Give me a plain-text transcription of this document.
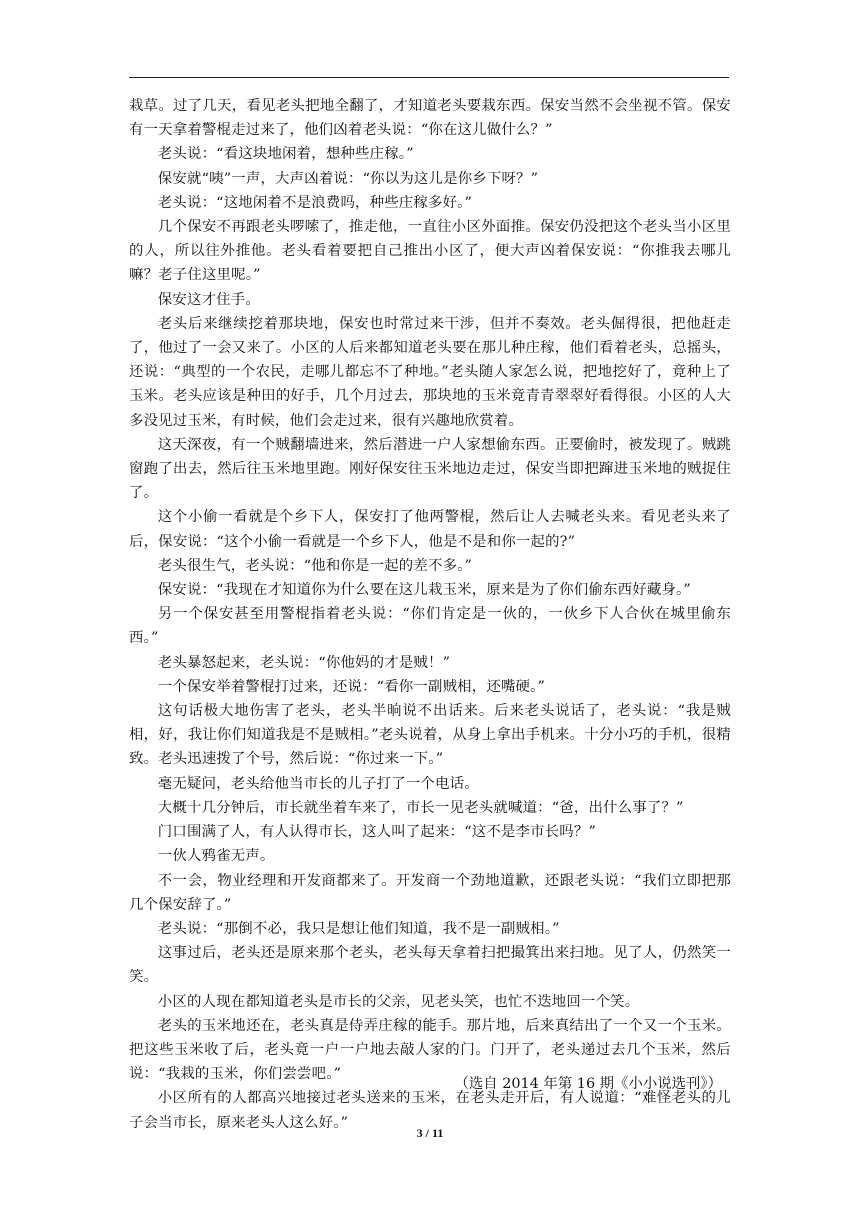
栽草。过了几天，看见老头把地全翻了，才知道老头要栽东西。保安当然不会坐视不管。保安有一天拿着警棍走过来了，他们凶着老头说：“你在这儿做什么？”

老头说：“看这块地闲着，想种些庄稼。”

保安就“咦”一声，大声凶着说：“你以为这儿是你乡下呀？”

老头说：“这地闲着不是浪费吗，种些庄稼多好。”

几个保安不再跟老头啰嗦了，推走他，一直往小区外面推。保安仍没把这个老头当小区里的人，所以往外推他。老头看着要把自己推出小区了，便大声凶着保安说：“你推我去哪儿嘛？老子住这里呢。”

保安这才住手。

老头后来继续挖着那块地，保安也时常过来干涉，但并不奏效。老头倔得很，把他赶走了，他过了一会又来了。小区的人后来都知道老头要在那儿种庄稼，他们看着老头，总摇头，还说：“典型的一个农民，走哪儿都忘不了种地。”老头随人家怎么说，把地挖好了，竟种上了玉米。老头应该是种田的好手，几个月过去，那块地的玉米竟青青翠翠好看得很。小区的人大多没见过玉米，有时候，他们会走过来，很有兴趣地欣赏着。

这天深夜，有一个贼翻墙进来，然后潜进一户人家想偷东西。正要偷时，被发现了。贼跳窗跑了出去，然后往玉米地里跑。刚好保安往玉米地边走过，保安当即把蹿进玉米地的贼捉住了。

这个小偷一看就是个乡下人，保安打了他两警棍，然后让人去喊老头来。看见老头来了后，保安说：“这个小偷一看就是一个乡下人，他是不是和你一起的?”

老头很生气，老头说：“他和你是一起的差不多。”

保安说：“我现在才知道你为什么要在这儿栽玉米，原来是为了你们偷东西好藏身。”

另一个保安甚至用警棍指着老头说：“你们肯定是一伙的，一伙乡下人合伙在城里偷东西。”

老头暴怒起来，老头说：“你他妈的才是贼！”

一个保安举着警棍打过来，还说：“看你一副贼相，还嘴硬。”

这句话极大地伤害了老头，老头半晌说不出话来。后来老头说话了，老头说：“我是贼相，好，我让你们知道我是不是贼相。”老头说着，从身上拿出手机来。十分小巧的手机，很精致。老头迅速拨了个号，然后说：“你过来一下。”

毫无疑问，老头给他当市长的儿子打了一个电话。

大概十几分钟后，市长就坐着车来了，市长一见老头就喊道：“爸，出什么事了？”

门口围满了人，有人认得市长，这人叫了起来：“这不是李市长吗？”

一伙人鸦雀无声。

不一会，物业经理和开发商都来了。开发商一个劲地道歉，还跟老头说：“我们立即把那几个保安辞了。”

老头说：“那倒不必，我只是想让他们知道，我不是一副贼相。”

这事过后，老头还是原来那个老头，老头每天拿着扫把撮箕出来扫地。见了人，仍然笑一笑。

小区的人现在都知道老头是市长的父亲，见老头笑，也忙不迭地回一个笑。

老头的玉米地还在，老头真是侍弄庄稼的能手。那片地，后来真结出了一个又一个玉米。把这些玉米收了后，老头竟一户一户地去敲人家的门。门开了，老头递过去几个玉米，然后说：“我栽的玉米，你们尝尝吧。”

小区所有的人都高兴地接过老头送来的玉米，在老头走开后，有人说道：“难怪老头的儿子会当市长，原来老头人这么好。”

（选自 2014 年第 16 期《小小说选刊》）
3 / 11
